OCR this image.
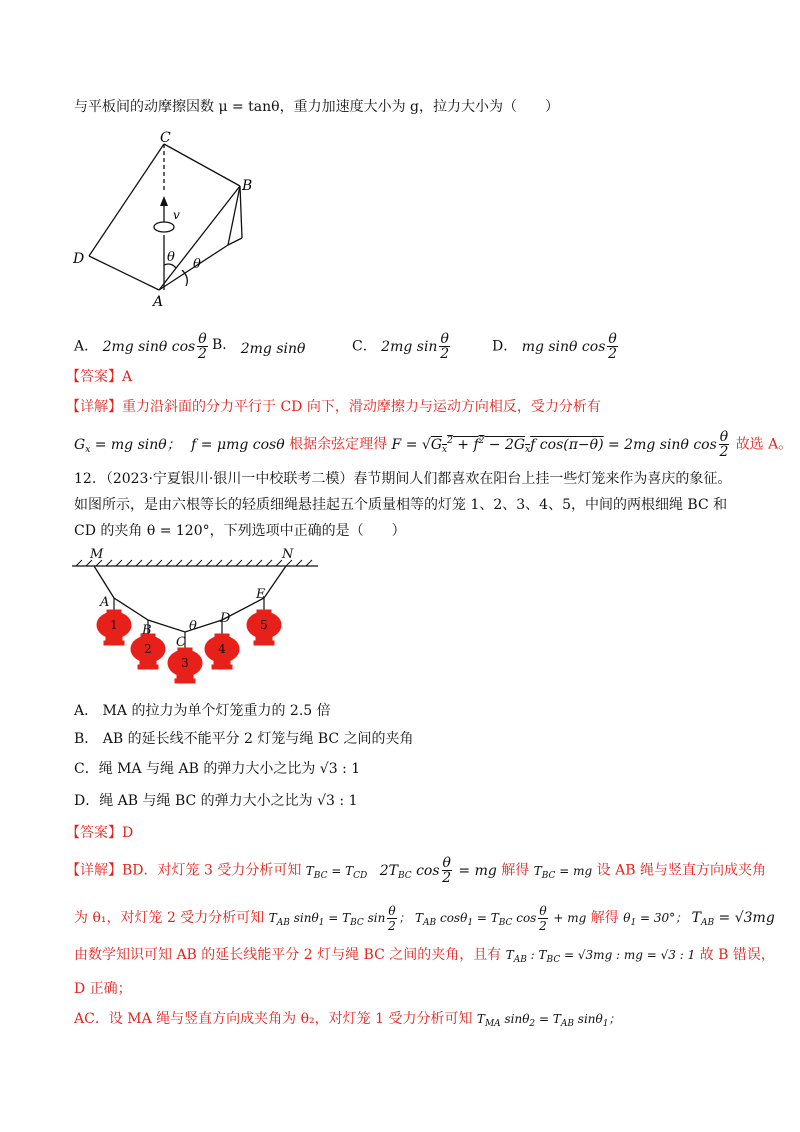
与平板间的动摩擦因数 μ = tanθ，重力加速度大小为 g，拉力大小为（　　）
C
B
D
A
v
θ θ
A． 2mg sinθ $\cos \frac{\theta}{2}$ B． 2mg sinθ	C． 2mg $\sin \frac{\theta}{2}$	D． mg sinθ $\cos \frac{\theta}{2}$
【答案】A
【详解】重力沿斜面的分力平行于 CD 向下，滑动摩擦力与运动方向相反，受力分析有
$G_x$ = mg sinθ； f = μmg cosθ 根据余弦定理得 $F = √G_x^2 + f^2 - 2G_xf$ cos(π−θ) = 2mg sinθ $\cos \frac{\theta}{2}$ 故选 A。
12．（2023·宁夏银川·银川一中校联考二模）春节期间人们都喜欢在阳台上挂一些灯笼来作为喜庆的象征。
如图所示，是由六根等长的轻质细绳悬挂起五个质量相等的灯笼 1、2、3、4、5，中间的两根细绳 BC 和
CD 的夹角 θ = 120°，下列选项中正确的是（　　）
1
2
3
4
5
M	N
A
B
C
D
E
θ
A． MA 的拉力为单个灯笼重力的 2.5 倍
B． AB 的延长线不能平分 2 灯笼与绳 BC 之间的夹角
C．绳 MA 与绳 AB 的弹力大小之比为 √3 : 1
D．绳 AB 与绳 BC 的弹力大小之比为 √3 : 1
【答案】D
【详解】BD．对灯笼 3 受力分析可知 $T_{BC} = T_{CD}$ $2T_{BC}$ $\cos \frac{\theta}{2}$ = mg 解得 $T_{BC}$ = mg 设 AB 绳与竖直方向成夹角
为 θ₁，对灯笼 2 受力分析可知 $T_{AB}$ $\sin\theta_1 = T_{BC}$ $\sin \frac{\theta}{2}$ ； $T_{AB}$ $\cos\theta_1 = T_{BC}$ $\cos \frac{\theta}{2}$ + mg 解得 $\theta_1 = 30^\circ$； $T_{AB} = √3mg$
由数学知识可知 AB 的延长线能平分 2 灯与绳 BC 之间的夹角，且有 $T_{AB}$ : $T_{BC} = √3mg$ : mg = √3 : 1 故 B 错误，
D 正确；
AC．设 MA 绳与竖直方向成夹角为 θ₂，对灯笼 1 受力分析可知 $T_{MA}$ $\sin\theta_2 = T_{AB}$ sinθ$_1$；
